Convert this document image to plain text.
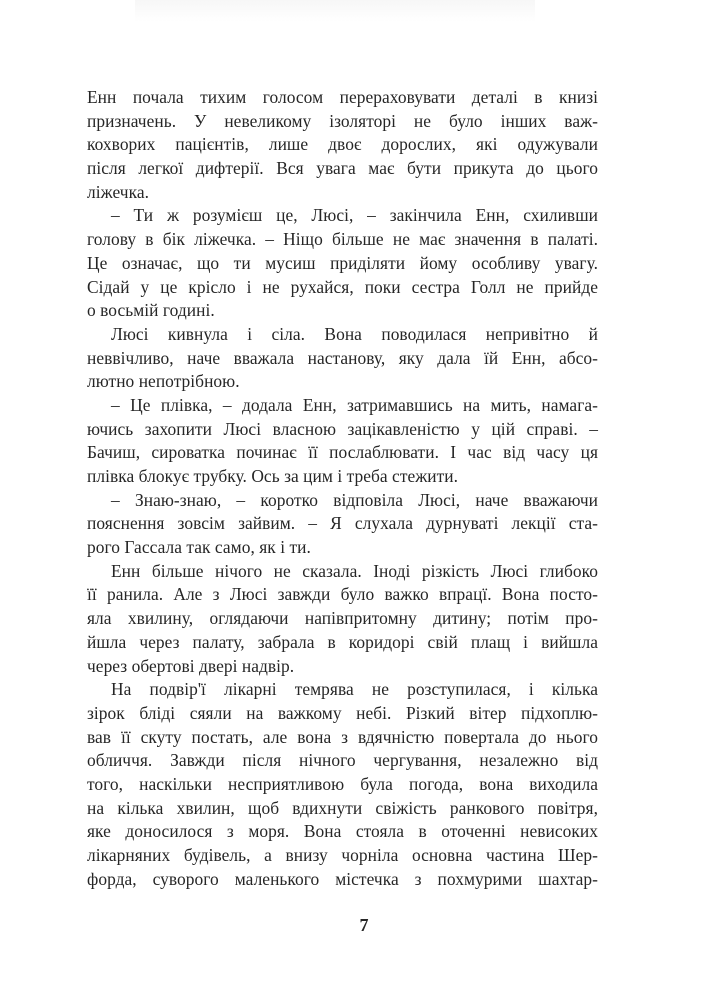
Енн почала тихим голосом перераховувати деталі в книзі
призначень. У невеликому ізоляторі не було інших важ-
кохворих пацієнтів, лише двоє дорослих, які одужували
після легкої дифтерії. Вся увага має бути прикута до цього
ліжечка.
– Ти ж розумієш це, Люсі, – закінчила Енн, схиливши
голову в бік ліжечка. – Ніщо більше не має значення в палаті.
Це означає, що ти мусиш приділяти йому особливу увагу.
Сідай у це крісло і не рухайся, поки сестра Голл не прийде
о восьмій годині.
Люсі кивнула і сіла. Вона поводилася непривітно й
неввічливо, наче вважала настанову, яку дала їй Енн, абсо-
лютно непотрібною.
– Це плівка, – додала Енн, затримавшись на мить, намага-
ючись захопити Люсі власною зацікавленістю у цій справі. –
Бачиш, сироватка починає її послаблювати. І час від часу ця
плівка блокує трубку. Ось за цим і треба стежити.
– Знаю-знаю, – коротко відповіла Люсі, наче вважаючи
пояснення зовсім зайвим. – Я слухала дурнуваті лекції ста-
рого Гассала так само, як і ти.
Енн більше нічого не сказала. Іноді різкість Люсі глибоко
її ранила. Але з Люсі завжди було важко впрацї. Вона посто-
яла хвилину, оглядаючи напівпритомну дитину; потім про-
йшла через палату, забрала в коридорі свій плащ і вийшла
через обертові двері надвір.
На подвір'ї лікарні темрява не розступилася, і кілька
зірок бліді сяяли на важкому небі. Різкий вітер підхоплю-
вав її скуту постать, але вона з вдячністю повертала до нього
обличчя. Завжди після нічного чергування, незалежно від
того, наскільки несприятливою була погода, вона виходила
на кілька хвилин, щоб вдихнути свіжість ранкового повітря,
яке доносилося з моря. Вона стояла в оточенні невисоких
лікарняних будівель, а внизу чорніла основна частина Шер-
форда, суворого маленького містечка з похмурими шахтар-
7
